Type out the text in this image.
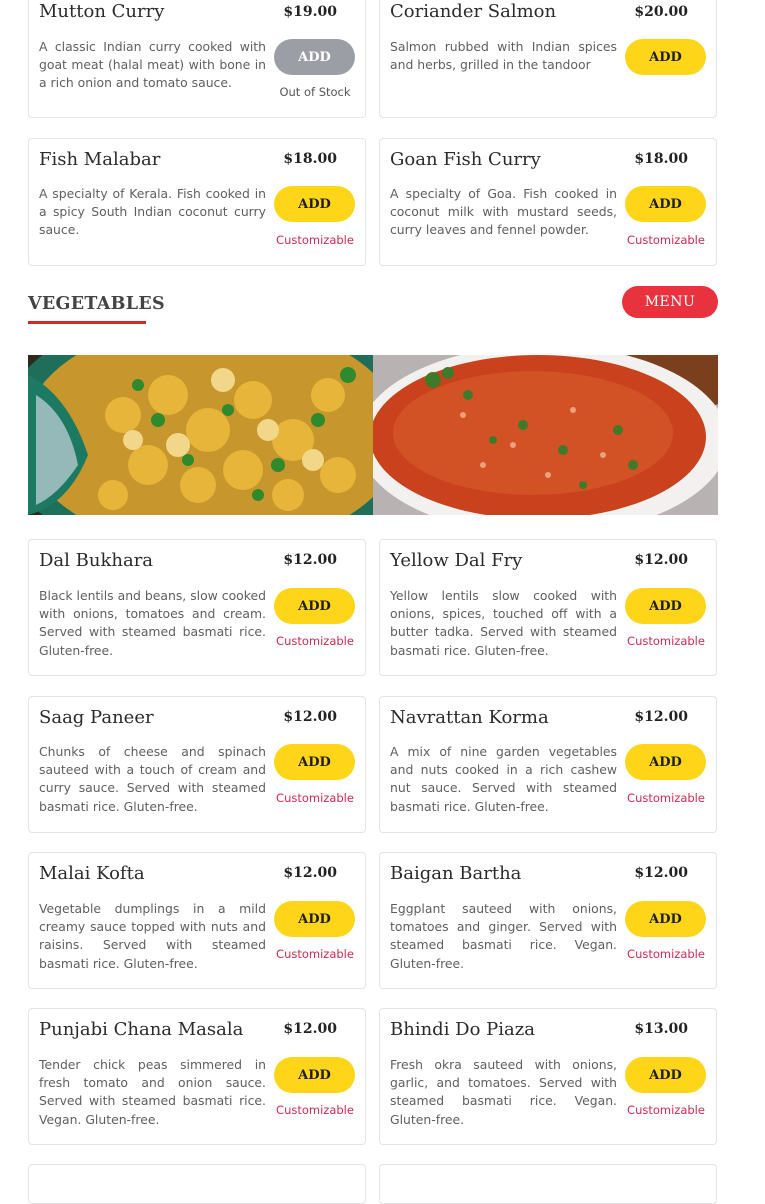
Mutton Curry	$19.00
A classic Indian curry cooked with goat meat (halal meat) with bone in a rich onion and tomato sauce.
ADD
Out of Stock
Coriander Salmon	$20.00
Salmon rubbed with Indian spices and herbs, grilled in the tandoor
ADD
Fish Malabar	$18.00
A specialty of Kerala. Fish cooked in a spicy South Indian coconut curry sauce.
ADD
Customizable
Goan Fish Curry	$18.00
A specialty of Goa. Fish cooked in coconut milk with mustard seeds, curry leaves and fennel powder.
ADD
Customizable
VEGETABLES	MENU
Dal Bukhara	$12.00
Black lentils and beans, slow cooked with onions, tomatoes and cream. Served with steamed basmati rice. Gluten-free.
ADD
Customizable
Yellow Dal Fry	$12.00
Yellow lentils slow cooked with onions, spices, touched off with a butter tadka. Served with steamed basmati rice. Gluten-free.
ADD
Customizable
Saag Paneer	$12.00
Chunks of cheese and spinach sauteed with a touch of cream and curry sauce. Served with steamed basmati rice. Gluten-free.
ADD
Customizable
Navrattan Korma	$12.00
A mix of nine garden vegetables and nuts cooked in a rich cashew nut sauce. Served with steamed basmati rice. Gluten-free.
ADD
Customizable
Malai Kofta	$12.00
Vegetable dumplings in a mild creamy sauce topped with nuts and raisins. Served with steamed basmati rice. Gluten-free.
ADD
Customizable
Baigan Bartha	$12.00
Eggplant sauteed with onions, tomatoes and ginger. Served with steamed basmati rice. Vegan. Gluten-free.
ADD
Customizable
Punjabi Chana Masala	$12.00
Tender chick peas simmered in fresh tomato and onion sauce. Served with steamed basmati rice. Vegan. Gluten-free.
ADD
Customizable
Bhindi Do Piaza	$13.00
Fresh okra sauteed with onions, garlic, and tomatoes. Served with steamed basmati rice. Vegan. Gluten-free.
ADD
Customizable
